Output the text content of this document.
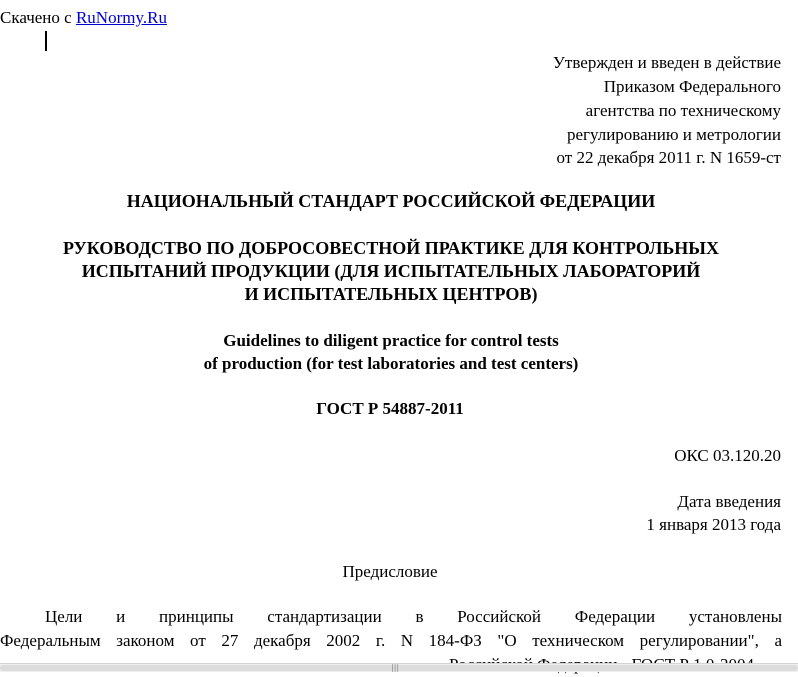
Скачено с RuNormy.Ru
Утвержден и введен в действие
Приказом Федерального
агентства по техническому
регулированию и метрологии
от 22 декабря 2011 г. N 1659-ст
НАЦИОНАЛЬНЫЙ СТАНДАРТ РОССИЙСКОЙ ФЕДЕРАЦИИ
РУКОВОДСТВО ПО ДОБРОСОВЕСТНОЙ ПРАКТИКЕ ДЛЯ КОНТРОЛЬНЫХ
ИСПЫТАНИЙ ПРОДУКЦИИ (ДЛЯ ИСПЫТАТЕЛЬНЫХ ЛАБОРАТОРИЙ
И ИСПЫТАТЕЛЬНЫХ ЦЕНТРОВ)
Guidelines to diligent practice for control tests
of production (for test laboratories and test centers)
ГОСТ Р 54887-2011
ОКС 03.120.20
Дата введения
1 января 2013 года
Предисловие
Цели и принципы стандартизации в Российской Федерации установлены
Федеральным законом от 27 декабря 2002 г. N 184-ФЗ "О техническом регулировании", а
|||
